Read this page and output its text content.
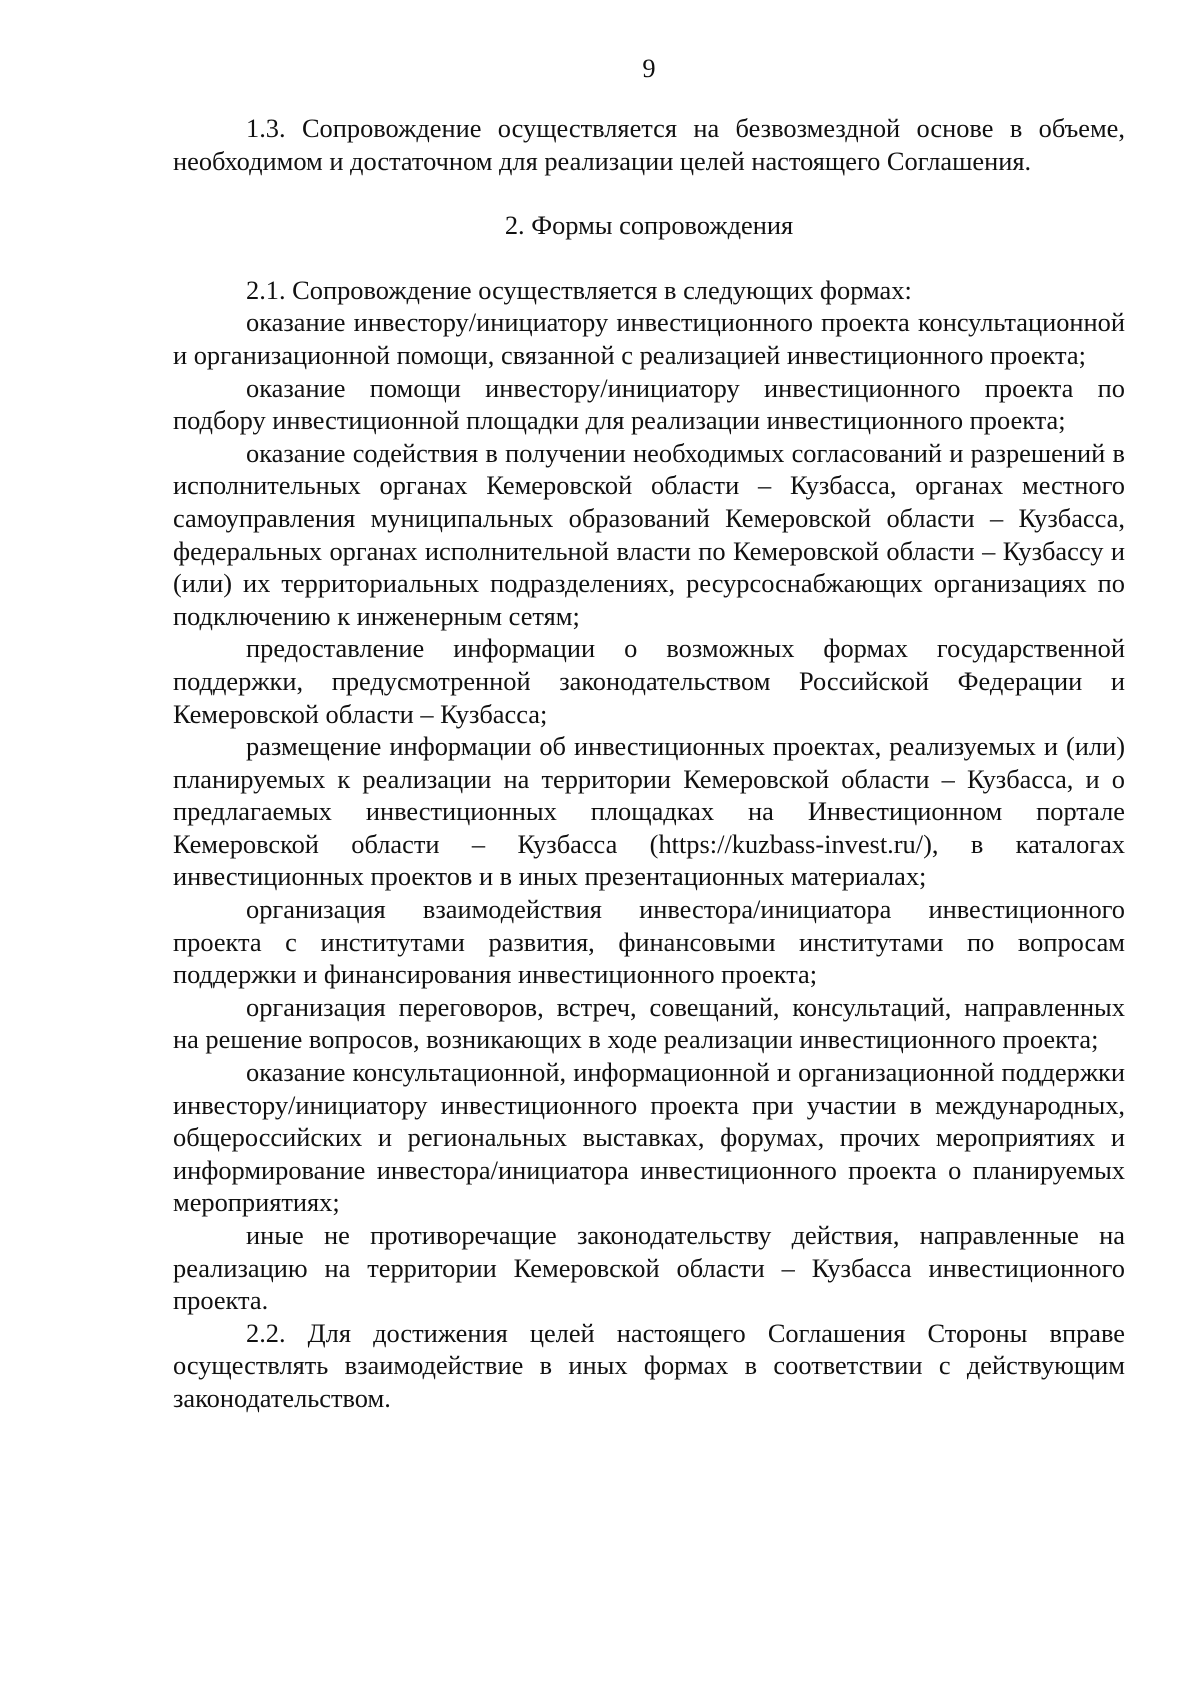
9

1.3. Сопровождение осуществляется на безвозмездной основе в объеме, необходимом и достаточном для реализации целей настоящего Соглашения.

2. Формы сопровождения

2.1. Сопровождение осуществляется в следующих формах:

оказание инвестору/инициатору инвестиционного проекта консультационной и организационной помощи, связанной с реализацией инвестиционного проекта;

оказание помощи инвестору/инициатору инвестиционного проекта по подбору инвестиционной площадки для реализации инвестиционного проекта;

оказание содействия в получении необходимых согласований и разрешений в исполнительных органах Кемеровской области – Кузбасса, органах местного самоуправления муниципальных образований Кемеровской области – Кузбасса, федеральных органах исполнительной власти по Кемеровской области – Кузбассу и (или) их территориальных подразделениях, ресурсоснабжающих организациях по подключению к инженерным сетям;

предоставление информации о возможных формах государственной поддержки, предусмотренной законодательством Российской Федерации и Кемеровской области – Кузбасса;

размещение информации об инвестиционных проектах, реализуемых и (или) планируемых к реализации на территории Кемеровской области – Кузбасса, и о предлагаемых инвестиционных площадках на Инвестиционном портале Кемеровской области – Кузбасса (https://kuzbass-invest.ru/), в каталогах инвестиционных проектов и в иных презентационных материалах;

организация взаимодействия инвестора/инициатора инвестиционного проекта с институтами развития, финансовыми институтами по вопросам поддержки и финансирования инвестиционного проекта;

организация переговоров, встреч, совещаний, консультаций, направленных на решение вопросов, возникающих в ходе реализации инвестиционного проекта;

оказание консультационной, информационной и организационной поддержки инвестору/инициатору инвестиционного проекта при участии в международных, общероссийских и региональных выставках, форумах, прочих мероприятиях и информирование инвестора/инициатора инвестиционного проекта о планируемых мероприятиях;

иные не противоречащие законодательству действия, направленные на реализацию на территории Кемеровской области – Кузбасса инвестиционного проекта.

2.2. Для достижения целей настоящего Соглашения Стороны вправе осуществлять взаимодействие в иных формах в соответствии с действующим законодательством.
